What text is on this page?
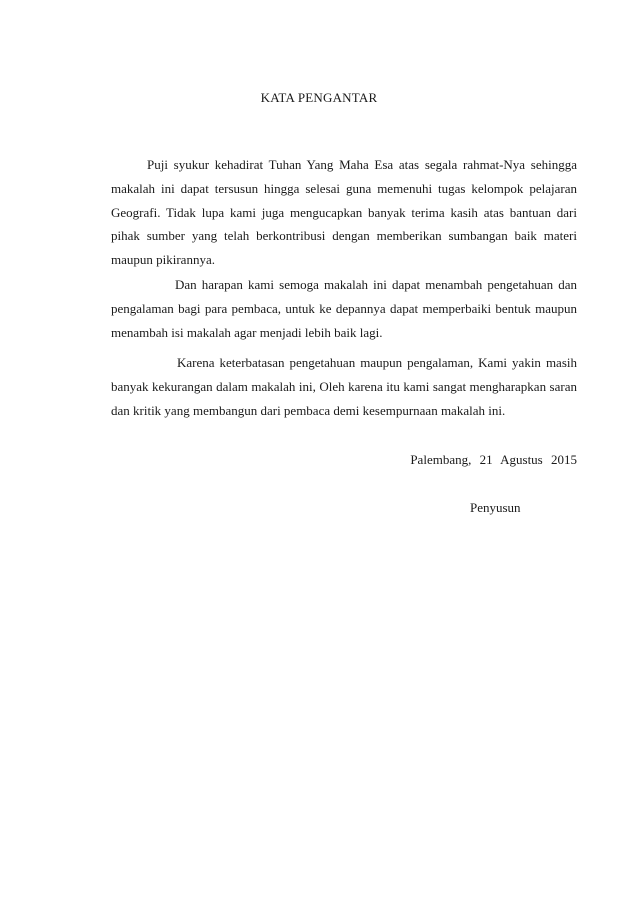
KATA PENGANTAR

Puji syukur kehadirat Tuhan Yang Maha Esa atas segala rahmat-Nya sehingga makalah ini dapat tersusun hingga selesai guna memenuhi tugas kelompok pelajaran Geografi. Tidak lupa kami juga mengucapkan banyak terima kasih atas bantuan dari pihak sumber yang telah berkontribusi dengan memberikan sumbangan baik materi maupun pikirannya.

Dan harapan kami semoga makalah ini dapat menambah pengetahuan dan pengalaman bagi para pembaca, untuk ke depannya dapat memperbaiki bentuk maupun menambah isi makalah agar menjadi lebih baik lagi.

Karena keterbatasan pengetahuan maupun pengalaman, Kami yakin masih banyak kekurangan dalam makalah ini, Oleh karena itu kami sangat mengharapkan saran dan kritik yang membangun dari pembaca demi kesempurnaan makalah ini.

Palembang, 21 Agustus 2015

Penyusun
